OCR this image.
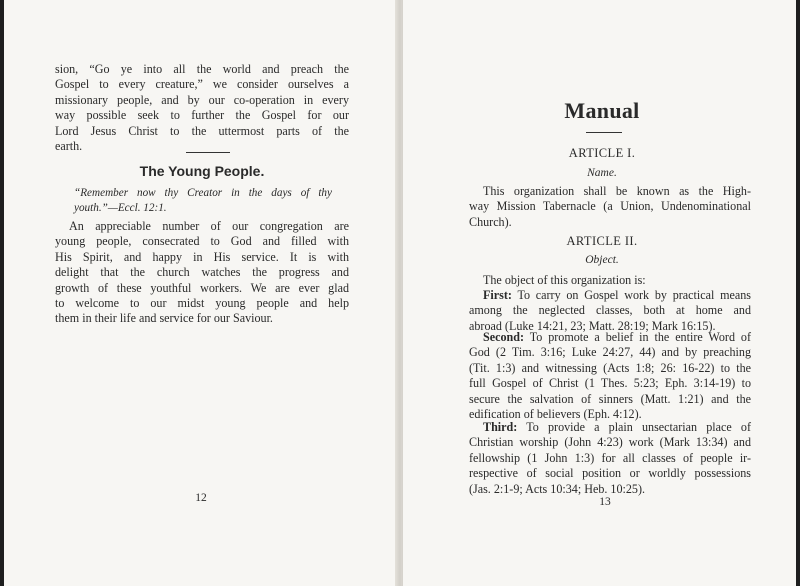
sion, “Go ye into all the world and preach the
Gospel to every creature,” we consider ourselves a
missionary people, and by our co-operation in every
way possible seek to further the Gospel for our
Lord Jesus Christ to the uttermost parts of the
earth.
The Young People.
“Remember now thy Creator in the days of thy
youth.”—Eccl. 12:1.
An appreciable number of our congregation are
young people, consecrated to God and filled with
His Spirit, and happy in His service. It is with
delight that the church watches the progress and
growth of these youthful workers. We are ever glad
to welcome to our midst young people and help
them in their life and service for our Saviour.
12
Manual
ARTICLE I.
Name.
This organization shall be known as the High-
way Mission Tabernacle (a Union, Undenominational
Church).
ARTICLE II.
Object.
The object of this organization is:
First: To carry on Gospel work by practical means
among the neglected classes, both at home and
abroad (Luke 14:21, 23; Matt. 28:19; Mark 16:15).
Second: To promote a belief in the entire Word of
God (2 Tim. 3:16; Luke 24:27, 44) and by preaching
(Tit. 1:3) and witnessing (Acts 1:8; 26: 16-22) to the
full Gospel of Christ (1 Thes. 5:23; Eph. 3:14-19) to
secure the salvation of sinners (Matt. 1:21) and the
edification of believers (Eph. 4:12).
Third: To provide a plain unsectarian place of
Christian worship (John 4:23) work (Mark 13:34) and
fellowship (1 John 1:3) for all classes of people ir-
respective of social position or worldly possessions
(Jas. 2:1-9; Acts 10:34; Heb. 10:25).
13
